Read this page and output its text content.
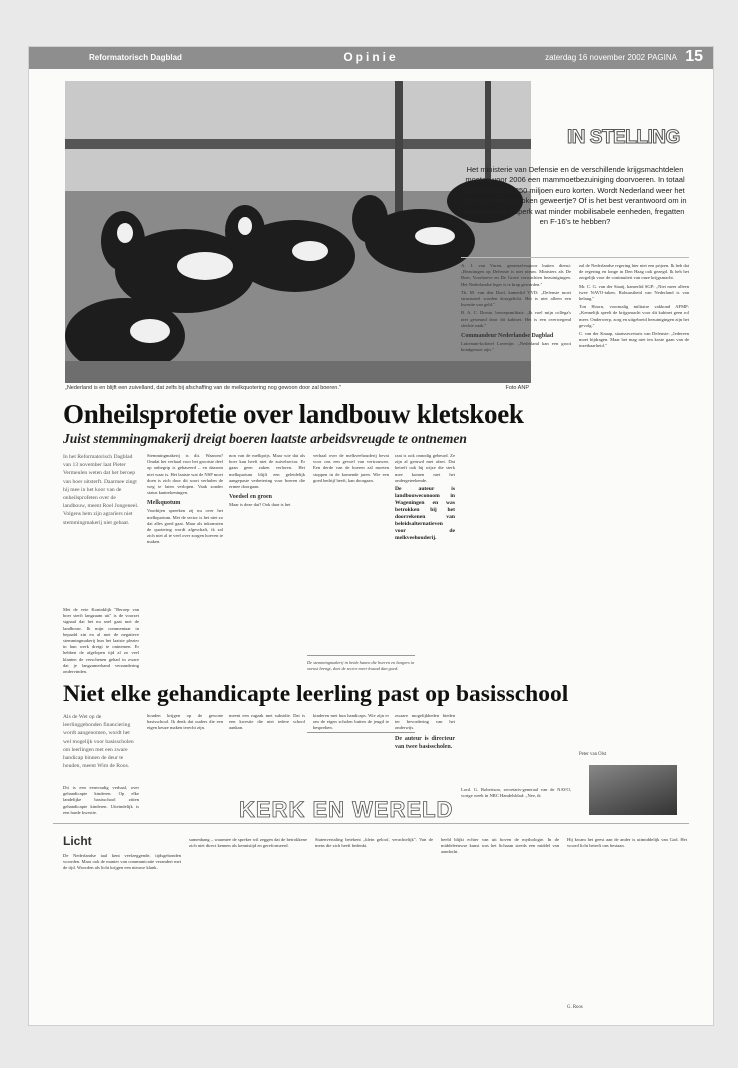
Reformatorisch Dagblad	Opinie	zaterdag 16 november 2002 PAGINA 15
„Nederland is en blijft een zuivelland, dat zelfs bij afschaffing van de melkquotering nog gewoon door zal boeren."	Foto ANP
Onheilsprofetie over landbouw kletskoek
Juist stemmingmakerij dreigt boeren laatste arbeidsvreugde te ontnemen
In het Reformatorisch Dagblad van 13 november laat Pieter Vermeulen weten dat het beroep van boer uitsterft. Daarmee zingt hij mee in het koor van de onheilsprofeten over de landbouw, meent Roel Jongeneel. Volgens hem zijn agrarïers niet stemmingmakerij niet gebaat.

Met de vete Koninklijk "Beroep van boer sterft langzaam uit" is de voorzet signaal dat het nu snel gaat met de landbouw. Ik mijn commentaar in bepaald zin en al met de negatieve stemmingmakerij hun het laatste plezier in hun werk dreigt te ontnemen. Er hebben de afgelopen tijd al zo veel klanten de verschenen gehad in zware dat je langzamerhand verzandering ondervinden.

Stemmingmakerij is dit. Waarom? Omdat het verhaal voor het grootste deel op onbegrip is gebaseerd – en daarom niet waar is. Het laatste wat de NSP moet doen is zich door dit soort verhalen de weg te laten verlopen. Vaak zonder status kantrekeningen.

Melkquotum

Voorbijen spreeken zij nu over het melkquotum. Met de sector is het niet zo dat alles goed gaat. Maar als inkomsten de quotering wordt afgeschaft, ik zal zich niet al te veel over zorgen hoeven te maken.

non van de melkprijs. Maar wie dat als boer kan heeft niet de zuivelsector. Er gaan geen zaken verloren. Het melkquotum blijft een geleidelijk aangepaste verbetering voor boeren die ermee doorgaan.

Voedsel en groen

Maar is deze dat? Ook daar is het

verhaal over de melkveehouderij bevat voor ons een gevoel van vertrouwen. Een derde van de boeren zal moeten stoppen in de komende jaren. Wie een goed bedrijf heeft, kan doorgaan.

raat is ook onnodig gebeurd. Ze zijn al geruwd met afzet. Dat betreft ook bij wijze die sterk mee komen met het ondergeteekende.

De auteur is landbouweconoom in Wageningen en was betrokken bij het doorrekenen van beleidsalternatieven voor de melkveehouderij.

De stemmingmakerij in beide hanen die boeren en burgers in onrust brengt, doet de sector meer kwaad dan goed.
Niet elke gehandicapte leerling past op basisschool
Als de Wet op de leerlinggebonden financiering wordt aangenomen, wordt het wel mogelijk voor basisscholen om leerlingen met een zware handicap binnen de deur te houden, meent Wim de Roos.

Dit is een eenvoudig verhaal, over gehandicapte kinderen. Op elke landelijke basisschool zitten gehandicapte kinderen. Uiteindelijk is een harde kwestie.

houden krijgen op de gewone basisschool. Ik denk dat ouders die een eigen keuze maken terecht zijn.

meent een rugzak met subsidie. Dat is een kwestie die niet iedere school aankan.

kinderen met hun handicaps. Wie zijn er om de eigen scholen buiten de jeugd te bespreken.

zwaare mogelijkheden bieden ter bevordering van het onderwijs.

De auteur is directeur van twee basisscholen.

KERK EN WERELD
Licht

De Nederlandse taal kent veelzeggende, tijdsgebonden woorden. Maar ook de manier van communicatie verandert met de tijd. Woorden als licht krijgen een nieuwe klank.

samenhang – waarmee de spreker wil zeggen dat de betrokkene zich niet direct kennen als kennistijd en gereformeerd.

Statenvertaling betekent „klein geloof, verachtelijk". Van de mens die zich heeft bedenkt.

beeld blijkt echter van uit boven de mythologie. In de middeleeuwse kunst was het lichaam steeds een middel van aandacht.

Hij kwam het geest aan de ander is uitmiddelijk van God. Het woord licht betreft ons bestaan.

G. Roos
IN STELLING
Het ministerie van Defensie en de verschillende krijgsmachtdelen moeten voor 2006 een mammoetbezuiniging doorvoeren. In totaal wil het kabinet 850 miljoen euro korten. Wordt Nederland weer het land van het gebroken geweertje? Of is het best verantwoord om in een nucleair tijdperk wat minder mobilisabele eenheden, fregatten en F-16's te hebben?

A. J. van Vuren, generaal-majoor buiten dienst: „Bezuinigen op Defensie is niet nieuw. Ministers als De Boer, Voorhoeve en De Grave verwachten bezuinigingen. Het Nederlandse leger is te krap geworden."

Th. M. van den Doel, kamerlid VVD: „Defensie moet structureel worden doorgelicht. Het is niet alleen een kwestie van geld."

B. A. C. Droste, beroepsmilitair: „Ik voel mijn collega's niet gesteund door dit kabinet. Het is een overwegend slechte zaak."

Commandeur Nederlandse Dagblad

Luitenant-kolonel Lavenijn: „Nederland kan een groot bondgenoot zijn."

zal de Nederlandse regering hier niet een prijzen. Ik heb dat de regering en longe in Den Haag ook gezegd. Ik heb het zorgelijk voor de continuïteit van onze krijgsmacht.

Mr. C. G. van der Staaij, kamerlid SGP: „Niet meer alleen twee NAVO-taken. Robuustheid van Nederland is van belang."

Ton Hoorn, voormalig militaire vakbond AFMP: „Kennelijk speelt de krijgsmacht voor dit kabinet geen rol meer. Onderwerp, zorg en uitgebreid bezuinigingen zijn het gevolg."

C. van der Knaap, staatssecretaris van Defensie: „Iedereen moet bijdragen. Maar het mag niet ten koste gaan van de inzetbaarheid."

Peter van Olst

Lord. G. Robertson, secretaris-generaal van de NAVO, vorige week in NRC Handelsblad: „Nee, ik
